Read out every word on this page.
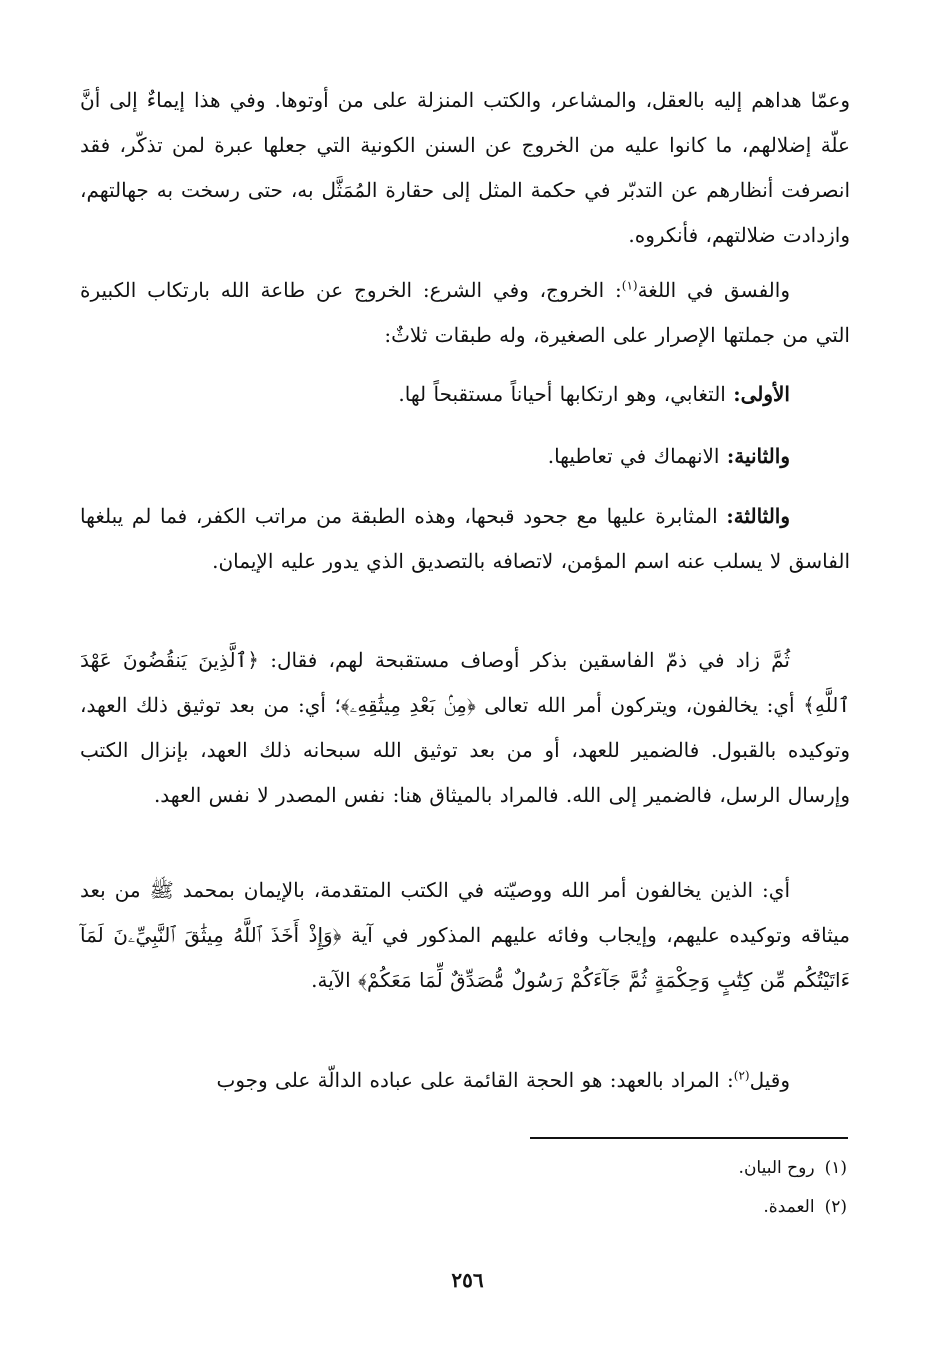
وعمّا هداهم إليه بالعقل، والمشاعر، والكتب المنزلة على من أوتوها. وفي هذا إيماءٌ إلى أنَّ علّة إضلالهم، ما كانوا عليه من الخروج عن السنن الكونية التي جعلها عبرة لمن تذكّر، فقد انصرفت أنظارهم عن التدبّر في حكمة المثل إلى حقارة المُمَثَّل به، حتى رسخت به جهالتهم، وازدادت ضلالتهم، فأنكروه.

والفسق في اللغة$^{(١)}$: الخروج، وفي الشرع: الخروج عن طاعة الله بارتكاب الكبيرة التي من جملتها الإصرار على الصغيرة، وله طبقات ثلاثٌ:

الأولى: التغابي، وهو ارتكابها أحياناً مستقبحاً لها.

والثانية: الانهماك في تعاطيها.

والثالثة: المثابرة عليها مع جحود قبحها، وهذه الطبقة من مراتب الكفر، فما لم يبلغها الفاسق لا يسلب عنه اسم المؤمن، لاتصافه بالتصديق الذي يدور عليه الإيمان.

ثُمَّ زاد في ذمّ الفاسقين بذكر أوصاف مستقبحة لهم، فقال: ﴿ٱلَّذِينَ يَنقُضُونَ عَهْدَ ٱللَّهِ﴾ أي: يخالفون، ويتركون أمر الله تعالى ﴿مِنۢ بَعْدِ مِيثَٰقِهِۦ﴾؛ أي: من بعد توثيق ذلك العهد، وتوكيده بالقبول. فالضمير للعهد، أو من بعد توثيق الله سبحانه ذلك العهد، بإنزال الكتب وإرسال الرسل، فالضمير إلى الله. فالمراد بالميثاق هنا: نفس المصدر لا نفس العهد.

أي: الذين يخالفون أمر الله ووصيّته في الكتب المتقدمة، بالإيمان بمحمد ﷺ من بعد ميثاقه وتوكيده عليهم، وإيجاب وفائه عليهم المذكور في آية ﴿وَإِذْ أَخَذَ ٱللَّهُ مِيثَٰقَ ٱلنَّبِيِّۦنَ لَمَآ ءَاتَيْتُكُم مِّن كِتَٰبٍ وَحِكْمَةٍ ثُمَّ جَآءَكُمْ رَسُولٌ مُّصَدِّقٌ لِّمَا مَعَكُمْ﴾ الآية.

وقيل$^{(٢)}$: المراد بالعهد: هو الحجة القائمة على عباده الدالّة على وجوب

(١)روح البيان.

(٢)العمدة.

٢٥٦
